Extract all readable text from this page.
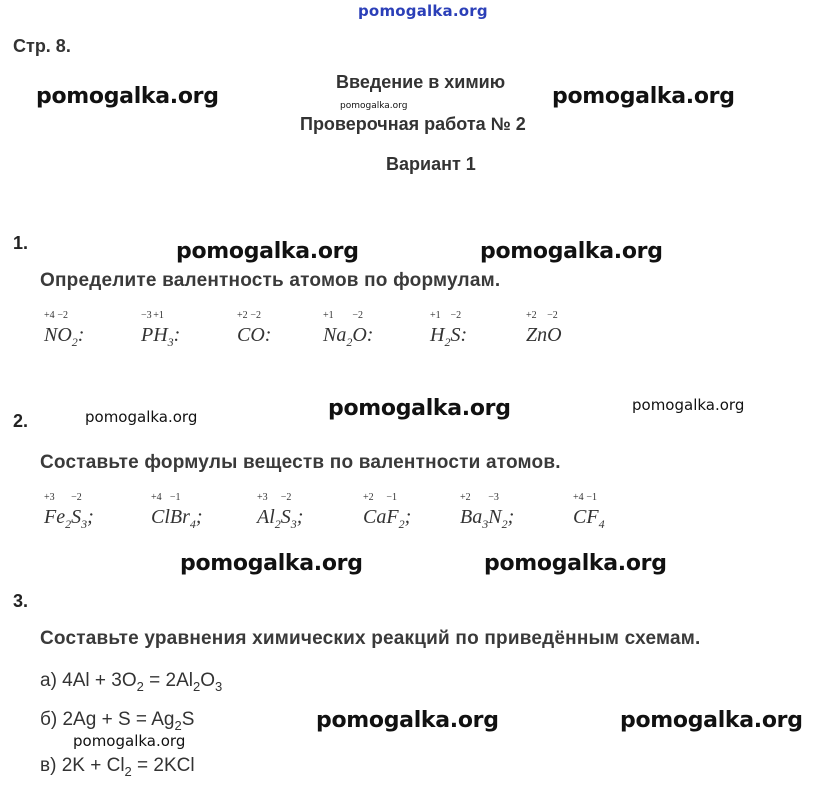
pomogalka.org
Стр. 8.
Введение в химию
Проверочная работа № 2
Вариант 1
pomogalka.org	pomogalka.org	pomogalka.org
pomogalka.org	pomogalka.org
pomogalka.org	pomogalka.org	pomogalka.org
pomogalka.org	pomogalka.org
pomogalka.org	pomogalka.org
pomogalka.org
1.
Определите валентность атомов по формулам.
+4
N
−2
$O_2$:
−3
P
+1
$H_3$:
+2
C
−2
O:
+1
$Na_2$
−2
O:
+1
$H_2$
−2
S:
+2
Zn
−2
O
2.
Составьте формулы веществ по валентности атомов.
+3
$Fe_2$
−2
$S_3$;
+4
Cl
−1
$Br_4$;
+3
$Al_2$
−2
$S_3$;
+2
Ca
−1
$F_2$;
+2
$Ba_3$
−3
$N_2$;
+4
C
−1
$F_4$
3.
Составьте уравнения химических реакций по приведённым схемам.
а) $4Al + 3O_2 = 2Al_2O_3$
б) $2Ag + S = Ag_2S$
в) $2K + Cl_2 = 2KCl$
